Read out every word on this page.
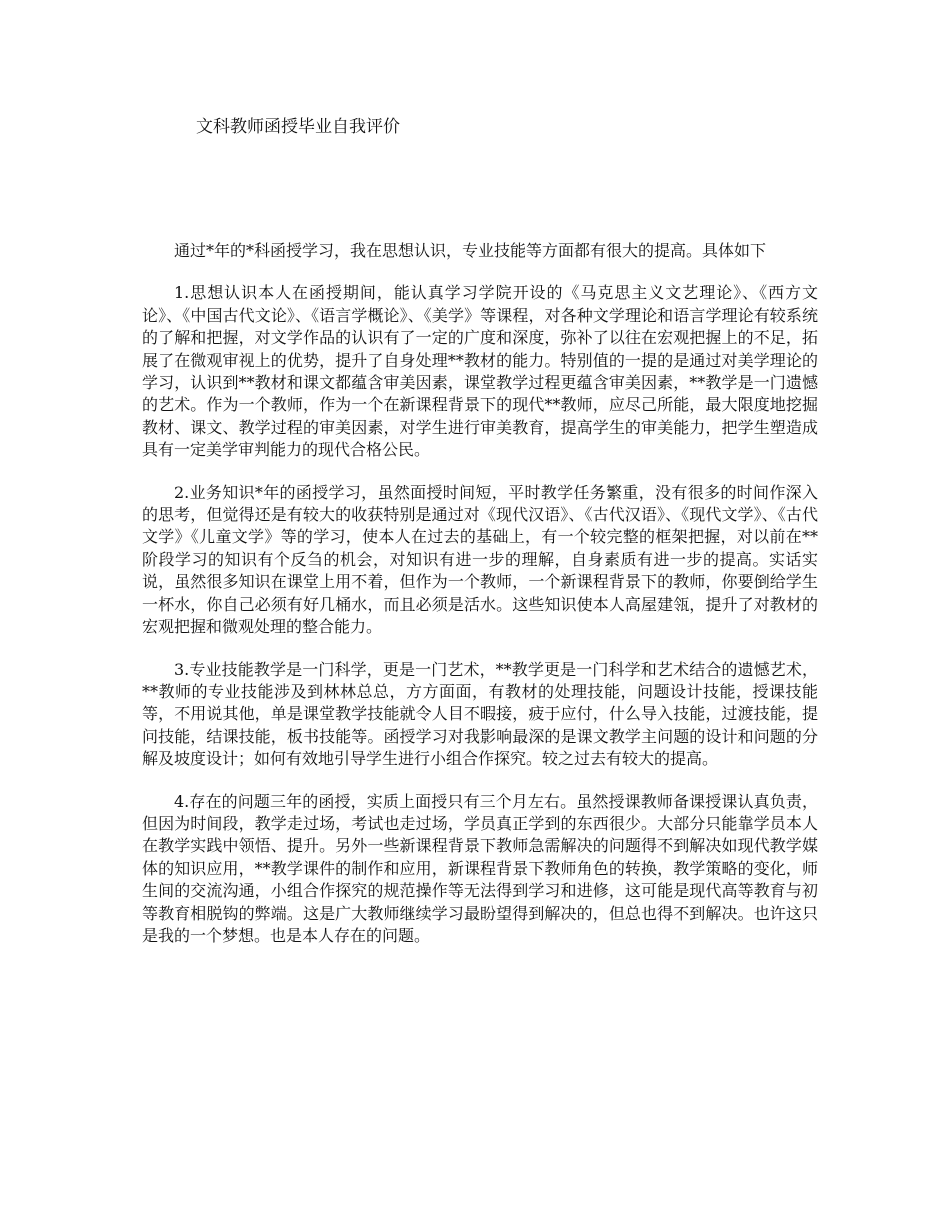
文科教师函授毕业自我评价

通过*年的*科函授学习，我在思想认识，专业技能等方面都有很大的提高。具体如下

1.思想认识本人在函授期间，能认真学习学院开设的《马克思主义文艺理论》、《西方文论》、《中国古代文论》、《语言学概论》、《美学》等课程，对各种文学理论和语言学理论有较系统的了解和把握，对文学作品的认识有了一定的广度和深度，弥补了以往在宏观把握上的不足，拓展了在微观审视上的优势，提升了自身处理**教材的能力。特别值的一提的是通过对美学理论的学习，认识到**教材和课文都蕴含审美因素，课堂教学过程更蕴含审美因素，**教学是一门遗憾的艺术。作为一个教师，作为一个在新课程背景下的现代**教师，应尽己所能，最大限度地挖掘教材、课文、教学过程的审美因素，对学生进行审美教育，提高学生的审美能力，把学生塑造成具有一定美学审判能力的现代合格公民。

2.业务知识*年的函授学习，虽然面授时间短，平时教学任务繁重，没有很多的时间作深入的思考，但觉得还是有较大的收获特别是通过对《现代汉语》、《古代汉语》、《现代文学》、《古代文学》《儿童文学》等的学习，使本人在过去的基础上，有一个较完整的框架把握，对以前在**阶段学习的知识有个反刍的机会，对知识有进一步的理解，自身素质有进一步的提高。实话实说，虽然很多知识在课堂上用不着，但作为一个教师，一个新课程背景下的教师，你要倒给学生一杯水，你自己必须有好几桶水，而且必须是活水。这些知识使本人高屋建瓴，提升了对教材的宏观把握和微观处理的整合能力。

3.专业技能教学是一门科学，更是一门艺术，**教学更是一门科学和艺术结合的遗憾艺术，**教师的专业技能涉及到林林总总，方方面面，有教材的处理技能，问题设计技能，授课技能等，不用说其他，单是课堂教学技能就令人目不暇接，疲于应付，什么导入技能，过渡技能，提问技能，结课技能，板书技能等。函授学习对我影响最深的是课文教学主问题的设计和问题的分解及坡度设计；如何有效地引导学生进行小组合作探究。较之过去有较大的提高。

4.存在的问题三年的函授，实质上面授只有三个月左右。虽然授课教师备课授课认真负责，但因为时间段，教学走过场，考试也走过场，学员真正学到的东西很少。大部分只能靠学员本人在教学实践中领悟、提升。另外一些新课程背景下教师急需解决的问题得不到解决如现代教学媒体的知识应用，**教学课件的制作和应用，新课程背景下教师角色的转换，教学策略的变化，师生间的交流沟通，小组合作探究的规范操作等无法得到学习和进修，这可能是现代高等教育与初等教育相脱钩的弊端。这是广大教师继续学习最盼望得到解决的，但总也得不到解决。也许这只是我的一个梦想。也是本人存在的问题。
